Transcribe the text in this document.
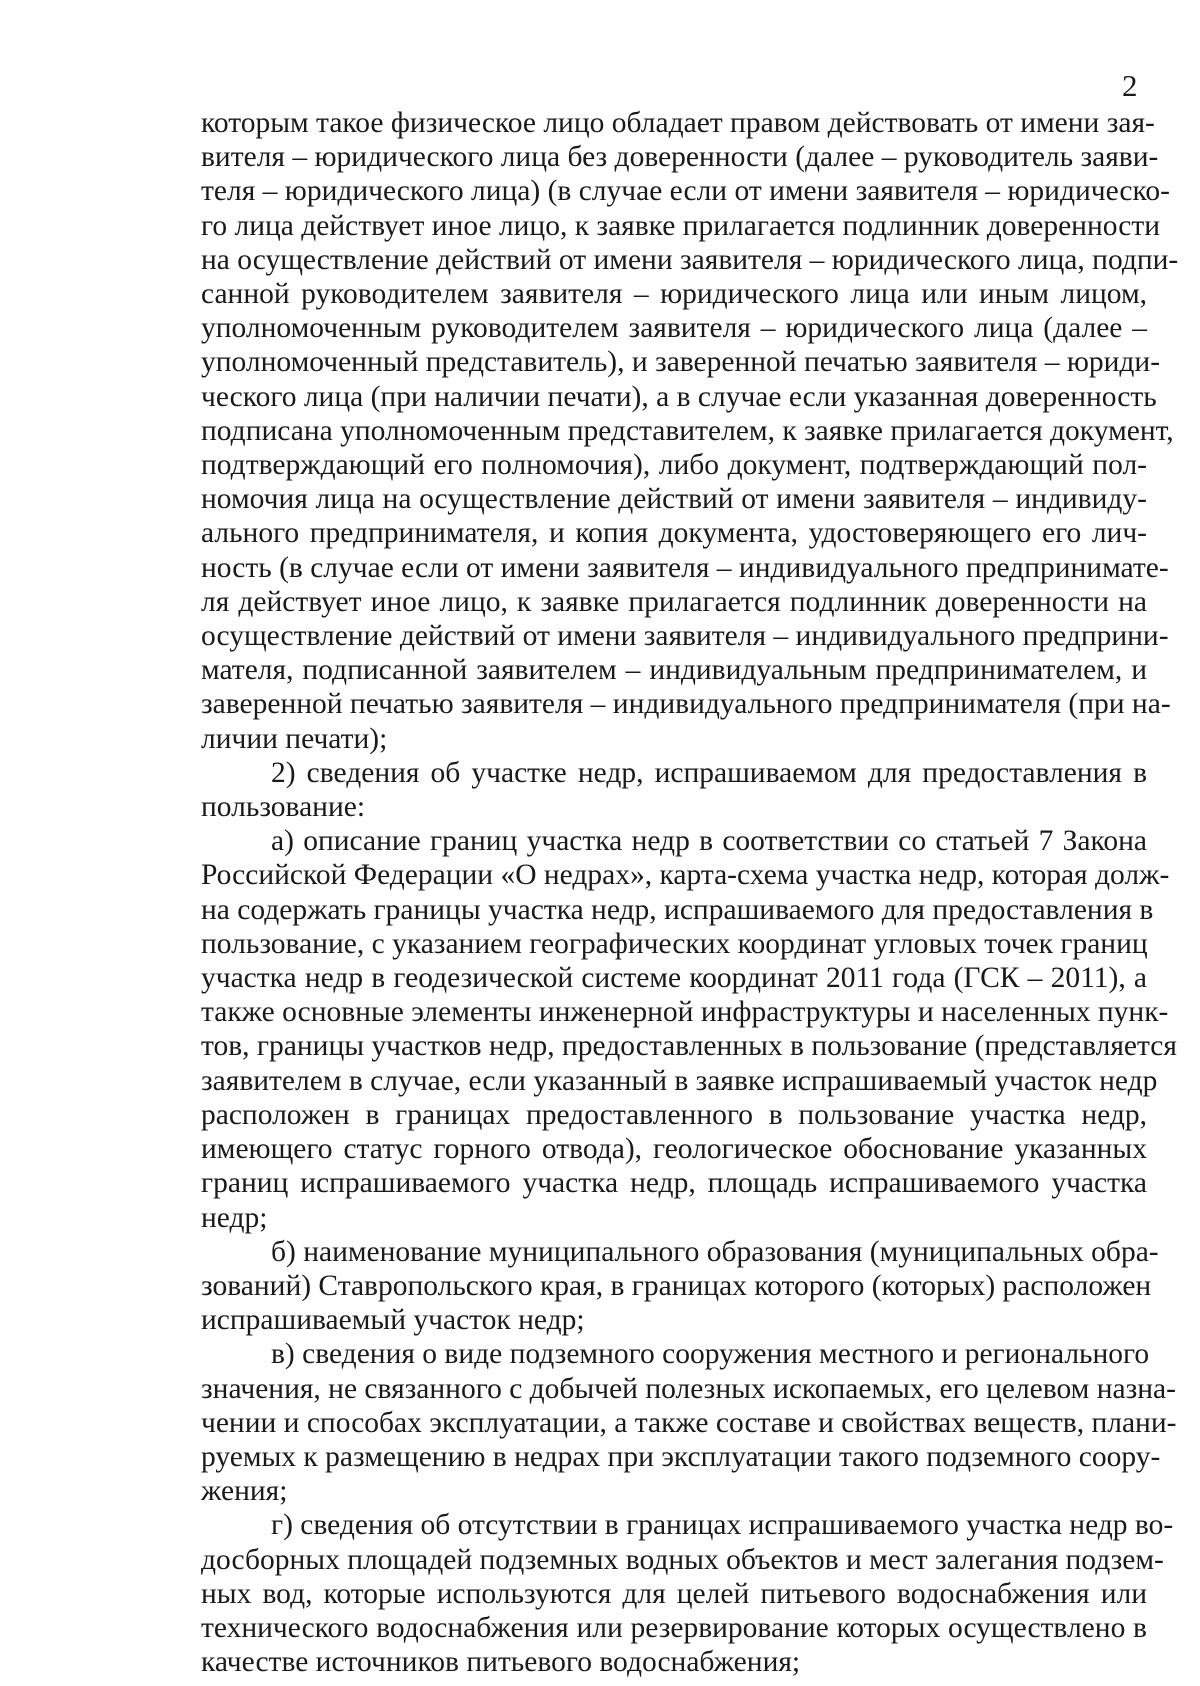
2
которым такое физическое лицо обладает правом действовать от имени зая-
вителя – юридического лица без доверенности (далее – руководитель заяви-
теля – юридического лица) (в случае если от имени заявителя – юридическо-
го лица действует иное лицо, к заявке прилагается подлинник доверенности
на осуществление действий от имени заявителя – юридического лица, подпи-
санной руководителем заявителя – юридического лица или иным лицом,
уполномоченным руководителем заявителя – юридического лица (далее –
уполномоченный представитель), и заверенной печатью заявителя – юриди-
ческого лица (при наличии печати), а в случае если указанная доверенность
подписана уполномоченным представителем, к заявке прилагается документ,
подтверждающий его полномочия), либо документ, подтверждающий пол-
номочия лица на осуществление действий от имени заявителя – индивиду-
ального предпринимателя, и копия документа, удостоверяющего его лич-
ность (в случае если от имени заявителя – индивидуального предпринимате-
ля действует иное лицо, к заявке прилагается подлинник доверенности на
осуществление действий от имени заявителя – индивидуального предприни-
мателя, подписанной заявителем – индивидуальным предпринимателем, и
заверенной печатью заявителя – индивидуального предпринимателя (при на-
личии печати);
2) сведения об участке недр, испрашиваемом для предоставления в
пользование:
а) описание границ участка недр в соответствии со статьей 7 Закона
Российской Федерации «О недрах», карта-схема участка недр, которая долж-
на содержать границы участка недр, испрашиваемого для предоставления в
пользование, с указанием географических координат угловых точек границ
участка недр в геодезической системе координат 2011 года (ГСК – 2011), а
также основные элементы инженерной инфраструктуры и населенных пунк-
тов, границы участков недр, предоставленных в пользование (представляется
заявителем в случае, если указанный в заявке испрашиваемый участок недр
расположен в границах предоставленного в пользование участка недр,
имеющего статус горного отвода), геологическое обоснование указанных
границ испрашиваемого участка недр, площадь испрашиваемого участка
недр;
б) наименование муниципального образования (муниципальных обра-
зований) Ставропольского края, в границах которого (которых) расположен
испрашиваемый участок недр;
в) сведения о виде подземного сооружения местного и регионального
значения, не связанного с добычей полезных ископаемых, его целевом назна-
чении и способах эксплуатации, а также составе и свойствах веществ, плани-
руемых к размещению в недрах при эксплуатации такого подземного соору-
жения;
г) сведения об отсутствии в границах испрашиваемого участка недр во-
досборных площадей подземных водных объектов и мест залегания подзем-
ных вод, которые используются для целей питьевого водоснабжения или
технического водоснабжения или резервирование которых осуществлено в
качестве источников питьевого водоснабжения;
